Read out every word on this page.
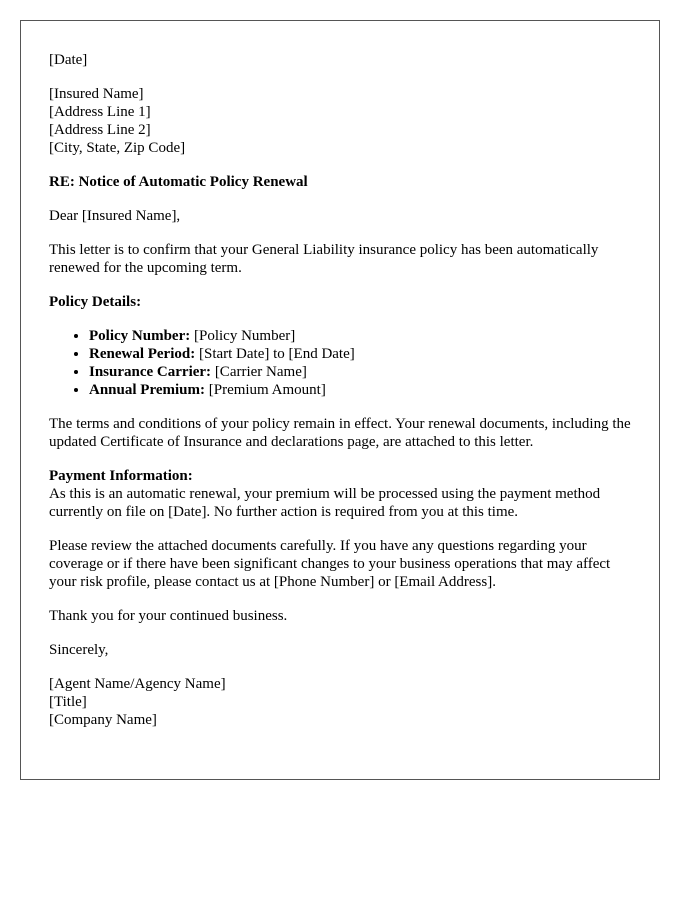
[Date]
[Insured Name]
[Address Line 1]
[Address Line 2]
[City, State, Zip Code]
RE: Notice of Automatic Policy Renewal
Dear [Insured Name],

This letter is to confirm that your General Liability insurance policy has been automatically renewed for the upcoming term.

Policy Details:
• Policy Number: [Policy Number]
• Renewal Period: [Start Date] to [End Date]
• Insurance Carrier: [Carrier Name]
• Annual Premium: [Premium Amount]

The terms and conditions of your policy remain in effect. Your renewal documents, including the updated Certificate of Insurance and declarations page, are attached to this letter.

Payment Information:
As this is an automatic renewal, your premium will be processed using the payment method currently on file on [Date]. No further action is required from you at this time.

Please review the attached documents carefully. If you have any questions regarding your coverage or if there have been significant changes to your business operations that may affect your risk profile, please contact us at [Phone Number] or [Email Address].

Thank you for your continued business.

Sincerely,

[Agent Name/Agency Name]
[Title]
[Company Name]
